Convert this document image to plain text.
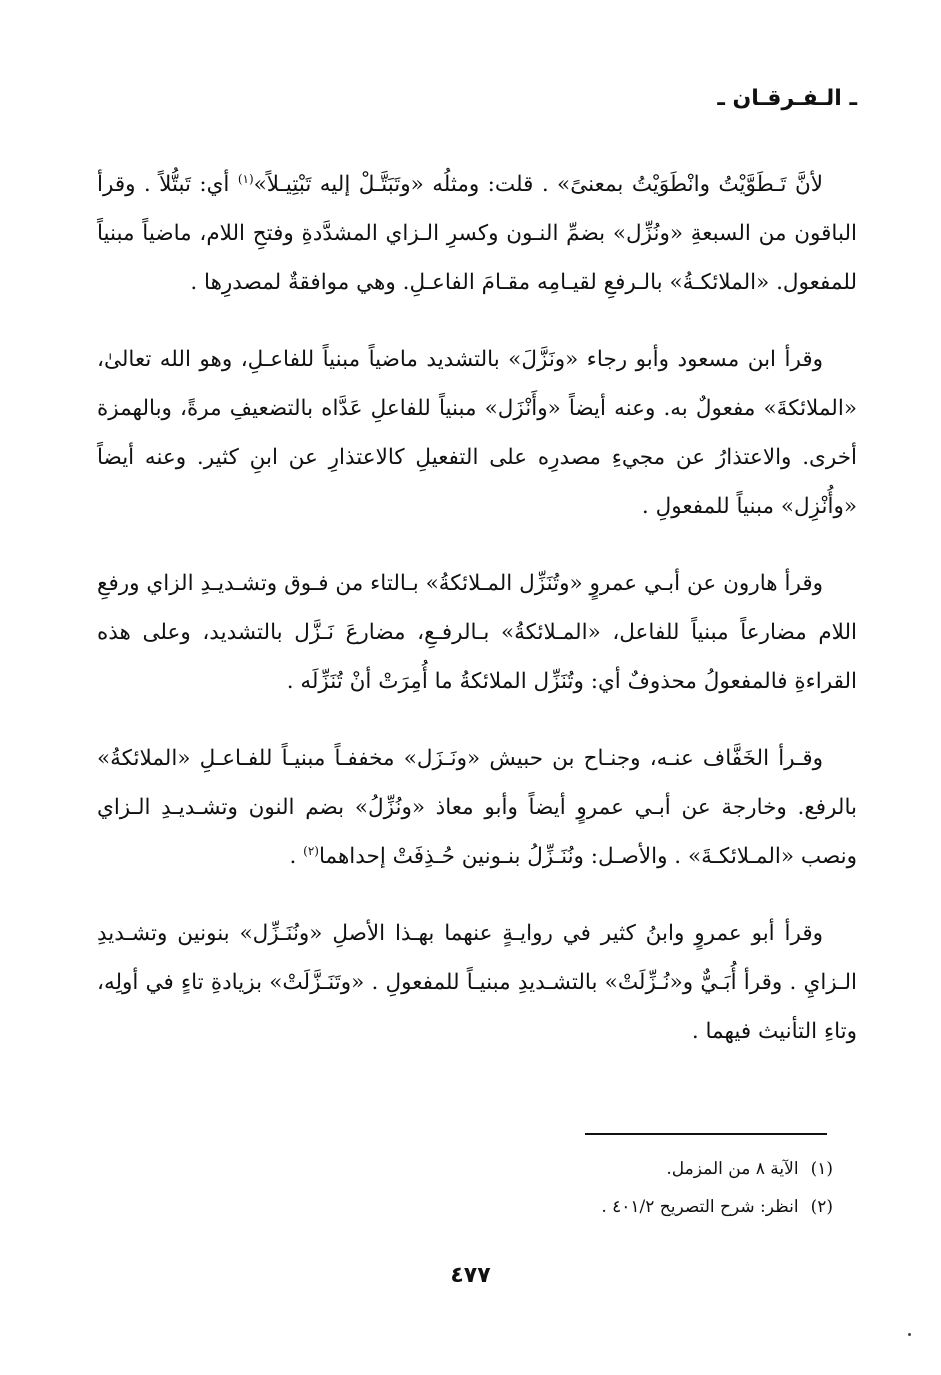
ـ الـفـرقـان ـ

لأنَّ تَـطَوَّيْتُ وانْطَوَيْتُ بمعنىً» . قلت: ومثلُه «وتَبَتَّـلْ إليه تَبْتِيـلاً»$^{(١)}$ أي: تَبتُّلاً . وقرأ الباقون من السبعةِ «ونُزِّل» بضمِّ النـون وكسرِ الـزاي المشدَّدةِ وفتحِ اللام، ماضياً مبنياً للمفعول. «الملائكـةُ» بالـرفعِ لقيـامِه مقـامَ الفاعـلِ. وهي موافقةٌ لمصدرِها .

وقرأ ابن مسعود وأبو رجاء «ونَزَّلَ» بالتشديد ماضياً مبنياً للفاعـلِ، وهو الله تعالىٰ، «الملائكةَ» مفعولٌ به. وعنه أيضاً «وأَنْزَل» مبنياً للفاعلِ عَدَّاه بالتضعيفِ مرةً، وبالهمزة أخرى. والاعتذارُ عن مجيءِ مصدرِه على التفعيلِ كالاعتذارِ عن ابنِ كثير. وعنه أيضاً «وأُنْزِل» مبنياً للمفعولِ .

وقرأ هارون عن أبـي عمروٍ «وتُنَزِّل المـلائكةُ» بـالتاء من فـوق وتشـديـدِ الزاي ورفعِ اللام مضارعاً مبنياً للفاعل، «المـلائكةُ» بـالرفـعِ، مضارعَ نَـزَّل بالتشديد، وعلى هذه القراءةِ فالمفعولُ محذوفٌ أي: وتُنَزِّل الملائكةُ ما أُمِرَتْ أنْ تُنَزِّلَه .

وقـرأ الخَفَّاف عنـه، وجنـاح بن حبيش «ونَـزَل» مخففـاً مبنيـاً للفـاعـلِ «الملائكةُ» بالرفع. وخارجة عن أبـي عمروٍ أيضاً وأبو معاذ «ونُزِّلُ» بضم النون وتشـديـدِ الـزاي ونصب «المـلائكـةَ» . والأصـل: ونُنَـزِّلُ بنـونين حُـذِفَتْ إحداهما$^{(٢)}$ .

وقرأ أبو عمروٍ وابنُ كثير في روايـةٍ عنهما بهـذا الأصلِ «ونُنَـزِّل» بنونين وتشـديدِ الـزايِ . وقرأ أُبَـيٌّ و«نُـزِّلَتْ» بالتشـديدِ مبنيـاً للمفعولِ . «وتَنَـزَّلَتْ» بزيادةِ تاءٍ في أولِه، وتاءِ التأنيث فيهما .

(١)الآية ٨ من المزمل.
(٢)انظر: شرح التصريح ٤٠١/٢ .
٤٧٧
